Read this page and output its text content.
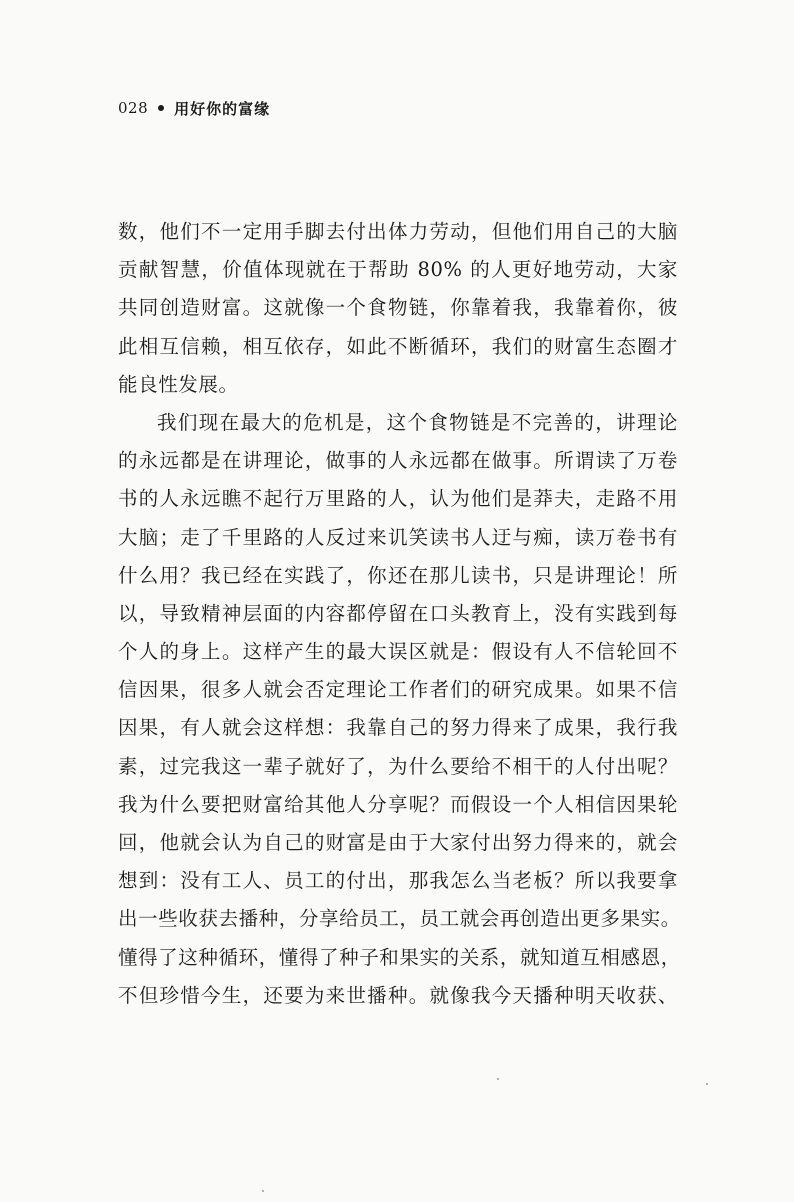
028 用好你的富缘
数，他们不一定用手脚去付出体力劳动，但他们用自己的大脑
贡献智慧，价值体现就在于帮助 80% 的人更好地劳动，大家
共同创造财富。这就像一个食物链，你靠着我，我靠着你，彼
此相互信赖，相互依存，如此不断循环，我们的财富生态圈才
能良性发展。
我们现在最大的危机是，这个食物链是不完善的，讲理论
的永远都是在讲理论，做事的人永远都在做事。所谓读了万卷
书的人永远瞧不起行万里路的人，认为他们是莽夫，走路不用
大脑；走了千里路的人反过来讥笑读书人迂与痴，读万卷书有
什么用？我已经在实践了，你还在那儿读书，只是讲理论！所
以，导致精神层面的内容都停留在口头教育上，没有实践到每
个人的身上。这样产生的最大误区就是：假设有人不信轮回不
信因果，很多人就会否定理论工作者们的研究成果。如果不信
因果，有人就会这样想：我靠自己的努力得来了成果，我行我
素，过完我这一辈子就好了，为什么要给不相干的人付出呢？
我为什么要把财富给其他人分享呢？而假设一个人相信因果轮
回，他就会认为自己的财富是由于大家付出努力得来的，就会
想到：没有工人、员工的付出，那我怎么当老板？所以我要拿
出一些收获去播种，分享给员工，员工就会再创造出更多果实。
懂得了这种循环，懂得了种子和果实的关系，就知道互相感恩，
不但珍惜今生，还要为来世播种。就像我今天播种明天收获、
